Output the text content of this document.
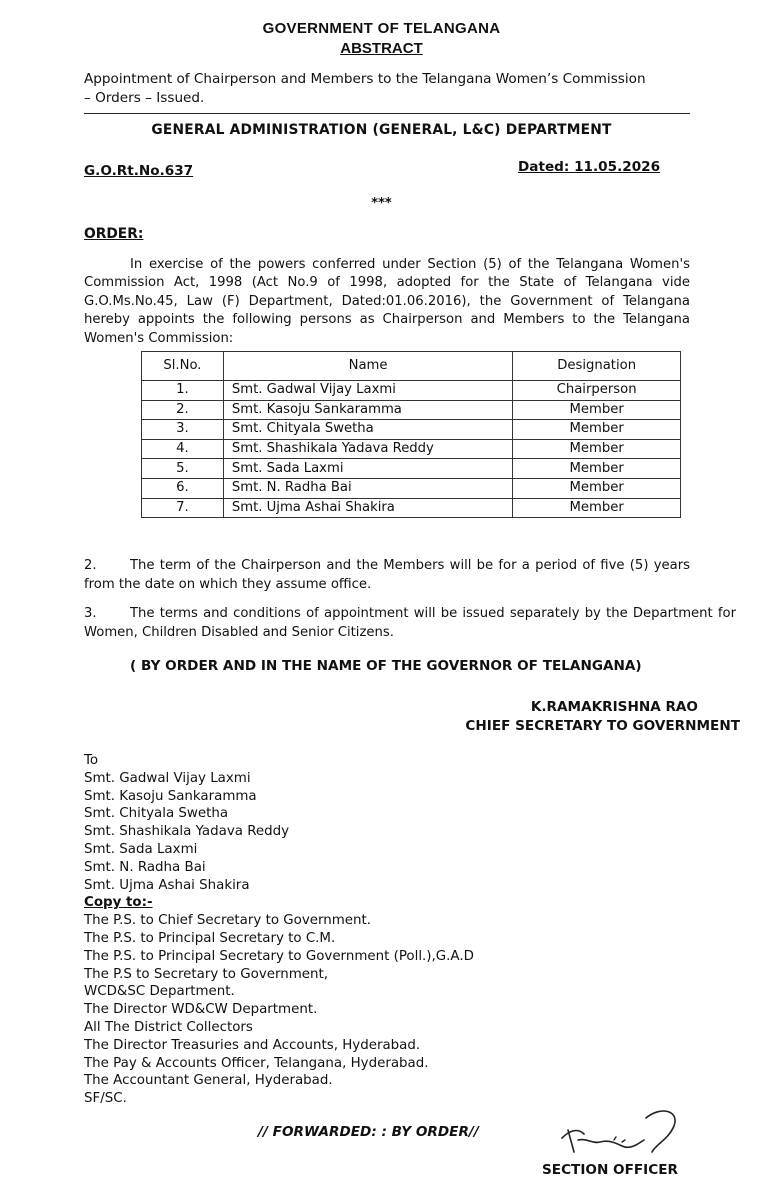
GOVERNMENT OF TELANGANA
ABSTRACT
Appointment of Chairperson and Members to the Telangana Women’s Commission
– Orders – Issued.
GENERAL ADMINISTRATION (GENERAL, L&C) DEPARTMENT
G.O.Rt.No.637	Dated: 11.05.2026
***
ORDER:
In exercise of the powers conferred under Section (5) of the Telangana Women's Commission Act, 1998 (Act No.9 of 1998, adopted for the State of Telangana vide G.O.Ms.No.45, Law (F) Department, Dated:01.06.2016), the Government of Telangana hereby appoints the following persons as Chairperson and Members to the Telangana Women's Commission:
Sl.No.	Name	Designation
1.	Smt. Gadwal Vijay Laxmi	Chairperson
2.	Smt. Kasoju Sankaramma	Member
3.	Smt. Chityala Swetha	Member
4.	Smt. Shashikala Yadava Reddy	Member
5.	Smt. Sada Laxmi	Member
6.	Smt. N. Radha Bai	Member
7.	Smt. Ujma Ashai Shakira	Member
2.	The term of the Chairperson and the Members will be for a period of five (5) years from the date on which they assume office.
3.	The terms and conditions of appointment will be issued separately by the Department for Women, Children Disabled and Senior Citizens.
( BY ORDER AND IN THE NAME OF THE GOVERNOR OF TELANGANA)
K.RAMAKRISHNA RAO
CHIEF SECRETARY TO GOVERNMENT
To
Smt. Gadwal Vijay Laxmi
Smt. Kasoju Sankaramma
Smt. Chityala Swetha
Smt. Shashikala Yadava Reddy
Smt. Sada Laxmi
Smt. N. Radha Bai
Smt. Ujma Ashai Shakira
Copy to:-
The P.S. to Chief Secretary to Government.
The P.S. to Principal Secretary to C.M.
The P.S. to Principal Secretary to Government (Poll.),G.A.D
The P.S to Secretary to Government,
WCD&SC Department.
The Director WD&CW Department.
All The District Collectors
The Director Treasuries and Accounts, Hyderabad.
The Pay & Accounts Officer, Telangana, Hyderabad.
The Accountant General, Hyderabad.
SF/SC.
// FORWARDED: : BY ORDER//
SECTION OFFICER
